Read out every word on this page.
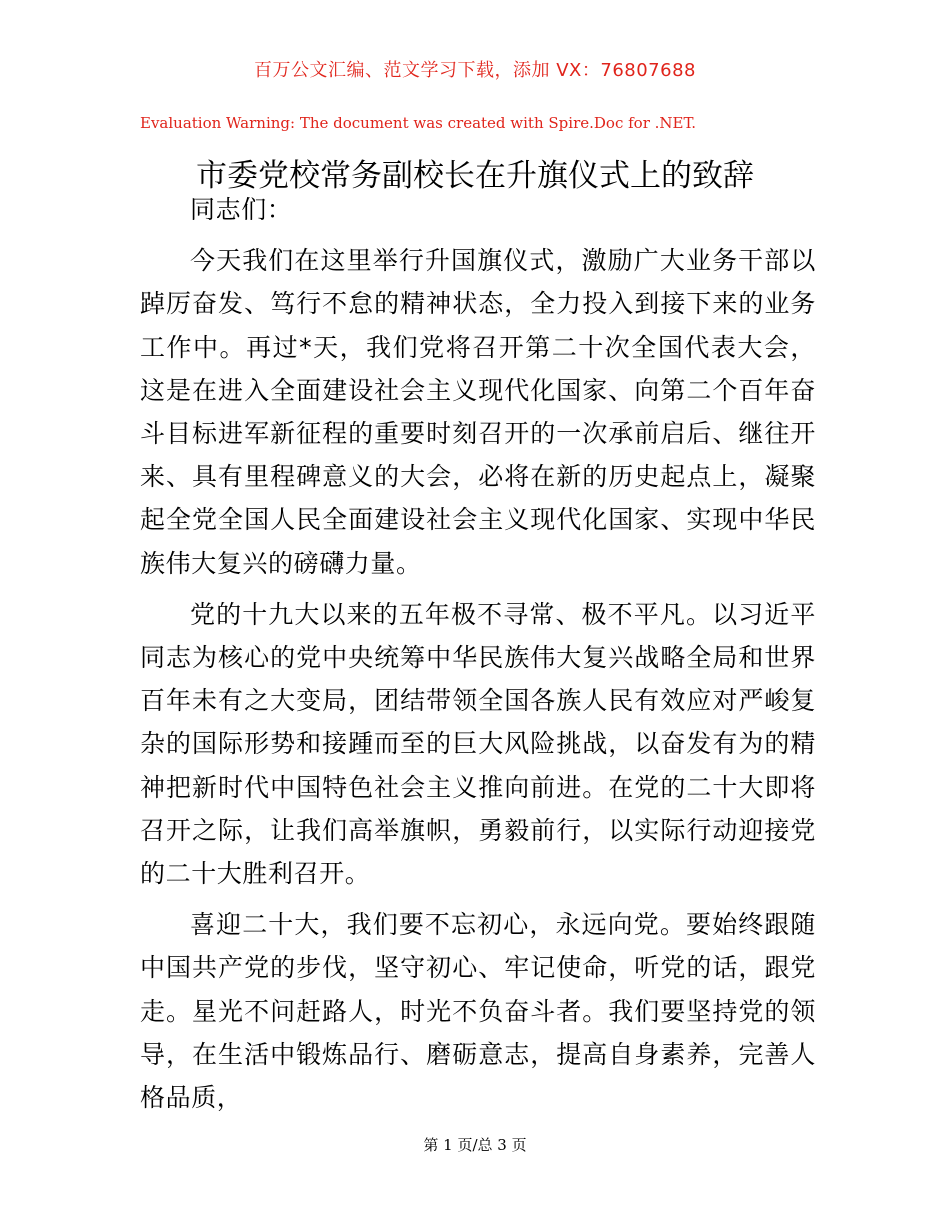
百万公文汇编、范文学习下载，添加 VX：76807688
Evaluation Warning: The document was created with Spire.Doc for .NET.
市委党校常务副校长在升旗仪式上的致辞

同志们：

今天我们在这里举行升国旗仪式，激励广大业务干部以踔厉奋发、笃行不怠的精神状态，全力投入到接下来的业务工作中。再过*天，我们党将召开第二十次全国代表大会，这是在进入全面建设社会主义现代化国家、向第二个百年奋斗目标进军新征程的重要时刻召开的一次承前启后、继往开来、具有里程碑意义的大会，必将在新的历史起点上，凝聚起全党全国人民全面建设社会主义现代化国家、实现中华民族伟大复兴的磅礴力量。

党的十九大以来的五年极不寻常、极不平凡。以习近平同志为核心的党中央统筹中华民族伟大复兴战略全局和世界百年未有之大变局，团结带领全国各族人民有效应对严峻复杂的国际形势和接踵而至的巨大风险挑战，以奋发有为的精神把新时代中国特色社会主义推向前进。在党的二十大即将召开之际，让我们高举旗帜，勇毅前行，以实际行动迎接党的二十大胜利召开。

喜迎二十大，我们要不忘初心，永远向党。要始终跟随中国共产党的步伐，坚守初心、牢记使命，听党的话，跟党走。星光不问赶路人，时光不负奋斗者。我们要坚持党的领导，在生活中锻炼品行、磨砺意志，提高自身素养，完善人格品质，

第 1 页/总 3 页
